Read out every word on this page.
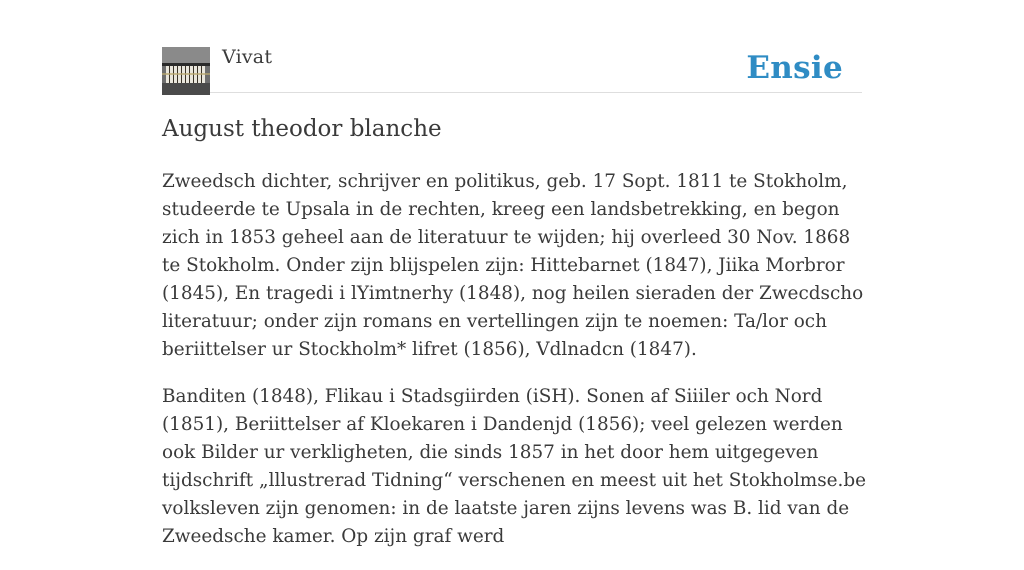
Vivat	Ensie
August theodor blanche

Zweedsch dichter, schrijver en politikus, geb. 17 Sopt. 1811 te Stokholm, studeerde te Upsala in de rechten, kreeg een landsbetrekking, en begon zich in 1853 geheel aan de literatuur te wijden; hij overleed 30 Nov. 1868 te Stokholm. Onder zijn blijspelen zijn: Hittebarnet (1847), Jiika Morbror (1845), En tragedi i lYimtnerhy (1848), nog heilen sieraden der Zwecdscho literatuur; onder zijn romans en vertellingen zijn te noemen: Ta/lor och beriittelser ur Stockholm* lifret (1856), Vdlnadcn (1847).

Banditen (1848), Flikau i Stadsgiirden (iSH). Sonen af Siiiler och Nord (1851), Beriittelser af Kloekaren i Dandenjd (1856); veel gelezen werden ook Bilder ur verkligheten, die sinds 1857 in het door hem uitgegeven tijdschrift „lllustrerad Tidning“ verschenen en meest uit het Stokholmse.be volksleven zijn genomen: in de laatste jaren zijns levens was B. lid van de Zweedsche kamer. Op zijn graf werd
